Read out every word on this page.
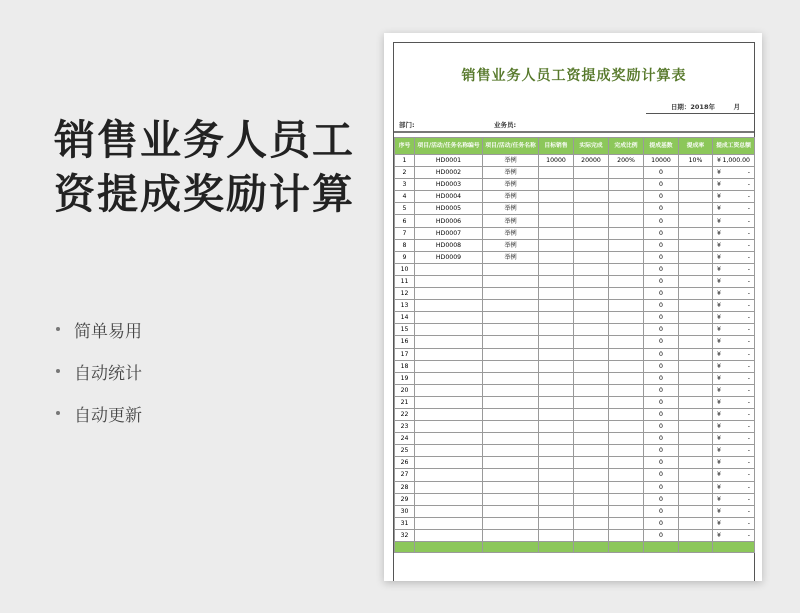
销售业务人员工
资提成奖励计算
简单易用
自动统计
自动更新
销售业务人员工资提成奖励计算表
日期：2018年	月
部门:	业务员:
序号	项目/活动/任务名称编号	项目/活动/任务名称	目标销售	实际完成	完成比例	提成基数	提成率	提成工资总额
1	HD0001	举例	10000	20000	200%	10000	10%	¥ 1,000.00

2	HD0002	举例				0		¥ -

3	HD0003	举例				0		¥ -

4	HD0004	举例				0		¥ -

5	HD0005	举例				0		¥ -

6	HD0006	举例				0		¥ -

7	HD0007	举例				0		¥ -

8	HD0008	举例				0		¥ -

9	HD0009	举例				0		¥ -

10						0		¥ -

11						0		¥ -

12						0		¥ -

13						0		¥ -

14						0		¥ -

15						0		¥ -

16						0		¥ -

17						0		¥ -

18						0		¥ -

19						0		¥ -

20						0		¥ -

21						0		¥ -

22						0		¥ -

23						0		¥ -

24						0		¥ -

25						0		¥ -

26						0		¥ -

27						0		¥ -

28						0		¥ -

29						0		¥ -

30						0		¥ -

31						0		¥ -

32						0		¥ -
